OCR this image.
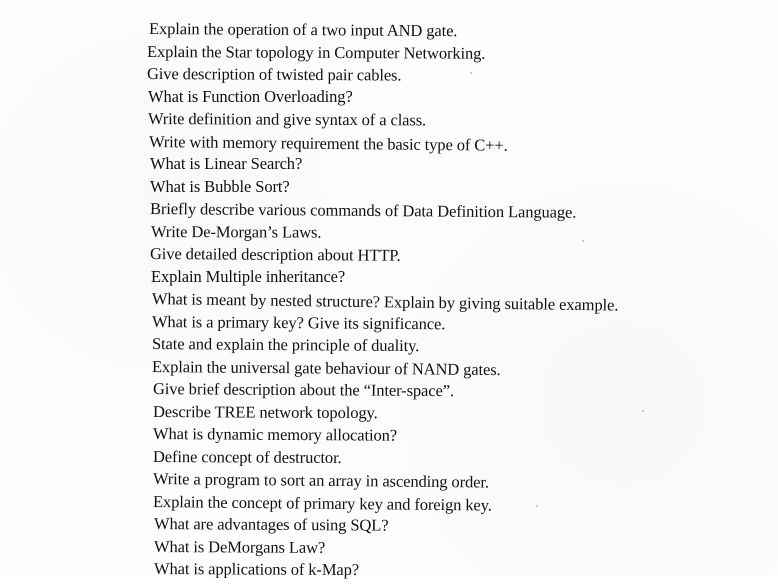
Explain the operation of a two input AND gate.
Explain the Star topology in Computer Networking.
Give description of twisted pair cables.
What is Function Overloading?
Write definition and give syntax of a class.
Write with memory requirement the basic type of C++.
What is Linear Search?
What is Bubble Sort?
Briefly describe various commands of Data Definition Language.
Write De-Morgan’s Laws.
Give detailed description about HTTP.
Explain Multiple inheritance?
What is meant by nested structure? Explain by giving suitable example.
What is a primary key? Give its significance.
State and explain the principle of duality.
Explain the universal gate behaviour of NAND gates.
Give brief description about the “Inter-space”.
Describe TREE network topology.
What is dynamic memory allocation?
Define concept of destructor.
Write a program to sort an array in ascending order.
Explain the concept of primary key and foreign key.
What are advantages of using SQL?
What is DeMorgans Law?
What is applications of k-Map?
